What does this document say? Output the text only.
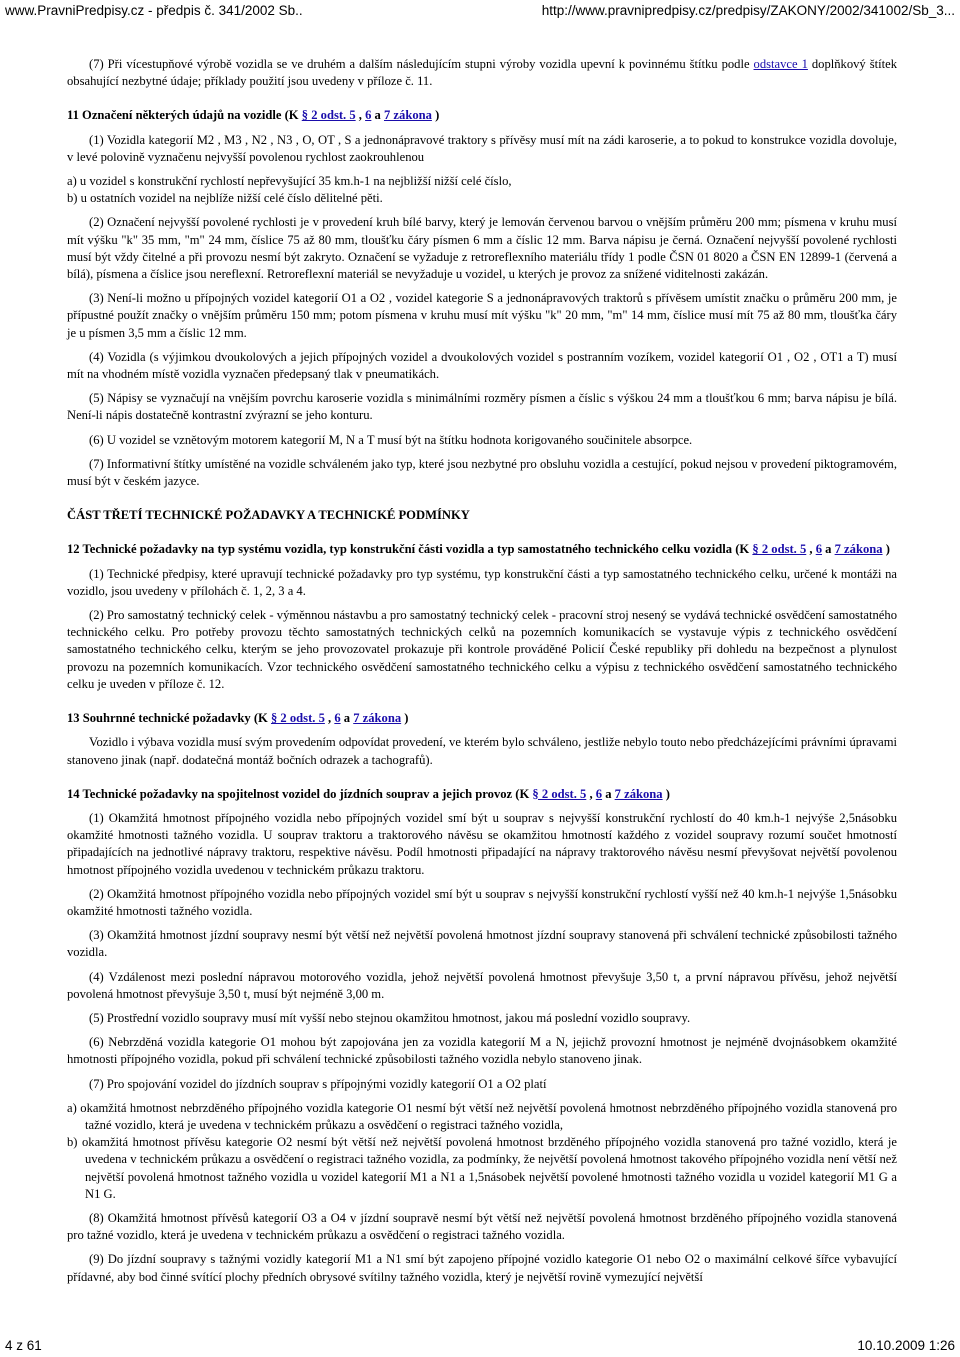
www.PravniPredpisy.cz - předpis č. 341/2002 Sb..	http://www.pravnipredpisy.cz/predpisy/ZAKONY/2002/341002/Sb_3...

(7) Při vícestupňové výrobě vozidla se ve druhém a dalším následujícím stupni výroby vozidla upevní k povinnému štítku podle odstavce 1 doplňkový štítek obsahující nezbytné údaje; příklady použití jsou uvedeny v příloze č. 11.

11 Označení některých údajů na vozidle (K § 2 odst. 5 , 6 a 7 zákona )

(1) Vozidla kategorií M2 , M3 , N2 , N3 , O, OT , S a jednonápravové traktory s přívěsy musí mít na zádi karoserie, a to pokud to konstrukce vozidla dovoluje, v levé polovině vyznačenu nejvyšší povolenou rychlost zaokrouhlenou

a) u vozidel s konstrukční rychlostí nepřevyšující 35 km.h-1 na nejbližší nižší celé číslo,

b) u ostatních vozidel na nejblíže nižší celé číslo dělitelné pěti.

(2) Označení nejvyšší povolené rychlosti je v provedení kruh bílé barvy, který je lemován červenou barvou o vnějším průměru 200 mm; písmena v kruhu musí mít výšku "k" 35 mm, "m" 24 mm, číslice 75 až 80 mm, tloušťku čáry písmen 6 mm a číslic 12 mm. Barva nápisu je černá. Označení nejvyšší povolené rychlosti musí být vždy čitelné a při provozu nesmí být zakryto. Označení se vyžaduje z retroreflexního materiálu třídy 1 podle ČSN 01 8020 a ČSN EN 12899-1 (červená a bílá), písmena a číslice jsou nereflexní. Retroreflexní materiál se nevyžaduje u vozidel, u kterých je provoz za snížené viditelnosti zakázán.

(3) Není-li možno u přípojných vozidel kategorií O1 a O2 , vozidel kategorie S a jednonápravových traktorů s přívěsem umístit značku o průměru 200 mm, je přípustné použít značky o vnějším průměru 150 mm; potom písmena v kruhu musí mít výšku "k" 20 mm, "m" 14 mm, číslice musí mít 75 až 80 mm, tloušťka čáry je u písmen 3,5 mm a číslic 12 mm.

(4) Vozidla (s výjimkou dvoukolových a jejich přípojných vozidel a dvoukolových vozidel s postranním vozíkem, vozidel kategorií O1 , O2 , OT1 a T) musí mít na vhodném místě vozidla vyznačen předepsaný tlak v pneumatikách.

(5) Nápisy se vyznačují na vnějším povrchu karoserie vozidla s minimálními rozměry písmen a číslic s výškou 24 mm a tloušťkou 6 mm; barva nápisu je bílá. Není-li nápis dostatečně kontrastní zvýrazní se jeho konturu.

(6) U vozidel se vznětovým motorem kategorií M, N a T musí být na štítku hodnota korigovaného součinitele absorpce.

(7) Informativní štítky umístěné na vozidle schváleném jako typ, které jsou nezbytné pro obsluhu vozidla a cestující, pokud nejsou v provedení piktogramovém, musí být v českém jazyce.

ČÁST TŘETÍ TECHNICKÉ POŽADAVKY A TECHNICKÉ PODMÍNKY
12 Technické požadavky na typ systému vozidla, typ konstrukční části vozidla a typ samostatného technického celku vozidla (K § 2 odst. 5 , 6 a 7 zákona )

(1) Technické předpisy, které upravují technické požadavky pro typ systému, typ konstrukční části a typ samostatného technického celku, určené k montáži na vozidlo, jsou uvedeny v přílohách č. 1, 2, 3 a 4.

(2) Pro samostatný technický celek - výměnnou nástavbu a pro samostatný technický celek - pracovní stroj nesený se vydává technické osvědčení samostatného technického celku. Pro potřeby provozu těchto samostatných technických celků na pozemních komunikacích se vystavuje výpis z technického osvědčení samostatného technického celku, kterým se jeho provozovatel prokazuje při kontrole prováděné Policií České republiky při dohledu na bezpečnost a plynulost provozu na pozemních komunikacích. Vzor technického osvědčení samostatného technického celku a výpisu z technického osvědčení samostatného technického celku je uveden v příloze č. 12.

13 Souhrnné technické požadavky (K § 2 odst. 5 , 6 a 7 zákona )

Vozidlo i výbava vozidla musí svým provedením odpovídat provedení, ve kterém bylo schváleno, jestliže nebylo touto nebo předcházejícími právními úpravami stanoveno jinak (např. dodatečná montáž bočních odrazek a tachografů).

14 Technické požadavky na spojitelnost vozidel do jízdních souprav a jejich provoz (K § 2 odst. 5 , 6 a 7 zákona )

(1) Okamžitá hmotnost přípojného vozidla nebo přípojných vozidel smí být u souprav s nejvyšší konstrukční rychlostí do 40 km.h-1 nejvýše 2,5násobku okamžité hmotnosti tažného vozidla. U souprav traktoru a traktorového návěsu se okamžitou hmotností každého z vozidel soupravy rozumí součet hmotností připadajících na jednotlivé nápravy traktoru, respektive návěsu. Podíl hmotnosti připadající na nápravy traktorového návěsu nesmí převyšovat největší povolenou hmotnost přípojného vozidla uvedenou v technickém průkazu traktoru.

(2) Okamžitá hmotnost přípojného vozidla nebo přípojných vozidel smí být u souprav s nejvyšší konstrukční rychlostí vyšší než 40 km.h-1 nejvýše 1,5násobku okamžité hmotnosti tažného vozidla.

(3) Okamžitá hmotnost jízdní soupravy nesmí být větší než největší povolená hmotnost jízdní soupravy stanovená při schválení technické způsobilosti tažného vozidla.

(4) Vzdálenost mezi poslední nápravou motorového vozidla, jehož největší povolená hmotnost převyšuje 3,50 t, a první nápravou přívěsu, jehož největší povolená hmotnost převyšuje 3,50 t, musí být nejméně 3,00 m.

(5) Prostřední vozidlo soupravy musí mít vyšší nebo stejnou okamžitou hmotnost, jakou má poslední vozidlo soupravy.

(6) Nebrzděná vozidla kategorie O1 mohou být zapojována jen za vozidla kategorií M a N, jejichž provozní hmotnost je nejméně dvojnásobkem okamžité hmotnosti přípojného vozidla, pokud při schválení technické způsobilosti tažného vozidla nebylo stanoveno jinak.

(7) Pro spojování vozidel do jízdních souprav s přípojnými vozidly kategorií O1 a O2 platí

a) okamžitá hmotnost nebrzděného přípojného vozidla kategorie O1 nesmí být větší než největší povolená hmotnost nebrzděného přípojného vozidla stanovená pro tažné vozidlo, která je uvedena v technickém průkazu a osvědčení o registraci tažného vozidla,

b) okamžitá hmotnost přívěsu kategorie O2 nesmí být větší než největší povolená hmotnost brzděného přípojného vozidla stanovená pro tažné vozidlo, která je uvedena v technickém průkazu a osvědčení o registraci tažného vozidla, za podmínky, že největší povolená hmotnost takového přípojného vozidla není větší než největší povolená hmotnost tažného vozidla u vozidel kategorií M1 a N1 a 1,5násobek největší povolené hmotnosti tažného vozidla u vozidel kategorií M1 G a N1 G.

(8) Okamžitá hmotnost přívěsů kategorií O3 a O4 v jízdní soupravě nesmí být větší než největší povolená hmotnost brzděného přípojného vozidla stanovená pro tažné vozidlo, která je uvedena v technickém průkazu a osvědčení o registraci tažného vozidla.

(9) Do jízdní soupravy s tažnými vozidly kategorií M1 a N1 smí být zapojeno přípojné vozidlo kategorie O1 nebo O2 o maximální celkové šířce vybavující přídavné, aby bod činné svítící plochy předních obrysové svítilny tažného vozidla, který je největší rovině vymezující největší

4 z 61	10.10.2009 1:26
